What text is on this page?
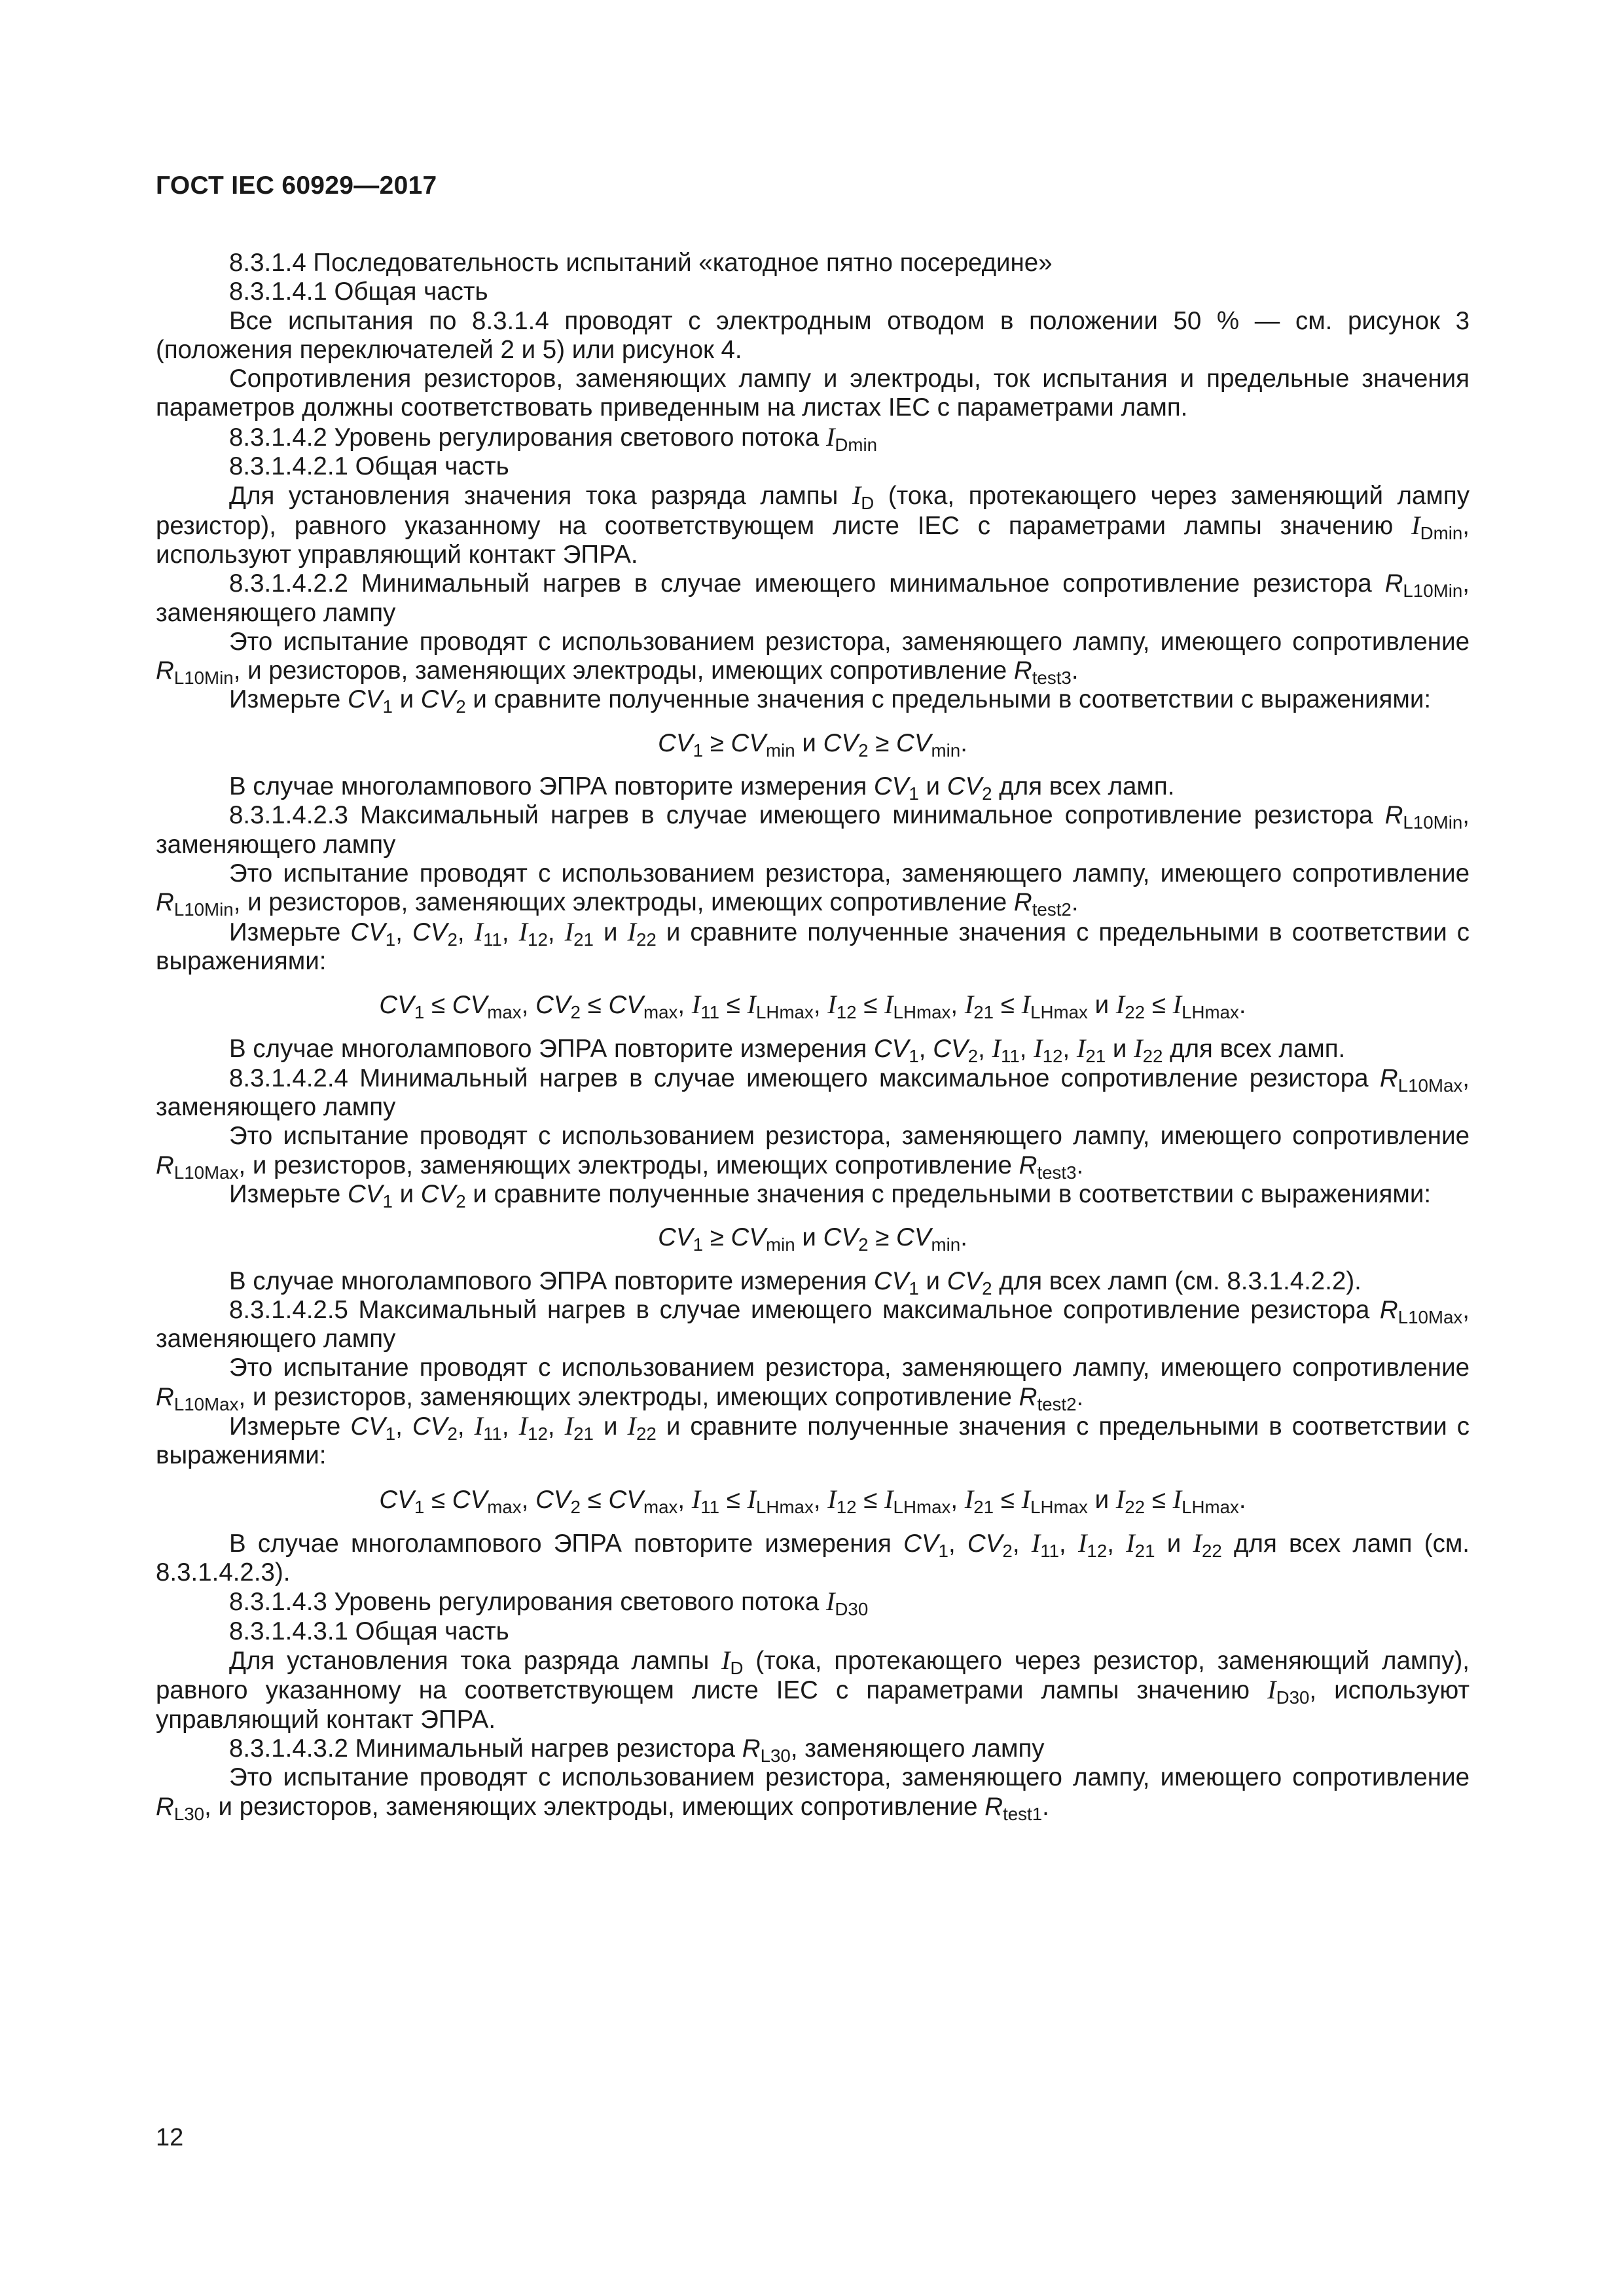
ГОСТ IEC 60929—2017

8.3.1.4 Последовательность испытаний «катодное пятно посередине»

8.3.1.4.1 Общая часть

Все испытания по 8.3.1.4 проводят с электродным отводом в положении 50 % — см. рисунок 3 (положения переключателей 2 и 5) или рисунок 4.

Сопротивления резисторов, заменяющих лампу и электроды, ток испытания и предельные значения параметров должны соответствовать приведенным на листах IEC с параметрами ламп.

8.3.1.4.2 Уровень регулирования светового потока $I_{Dmin}$

8.3.1.4.2.1 Общая часть

Для установления значения тока разряда лампы $I_D$ (тока, протекающего через заменяющий лампу резистор), равного указанному на соответствующем листе IEC с параметрами лампы значению $I_{Dmin}$, используют управляющий контакт ЭПРА.

8.3.1.4.2.2 Минимальный нагрев в случае имеющего минимальное сопротивление резистора $R_{L10Min}$, заменяющего лампу

Это испытание проводят с использованием резистора, заменяющего лампу, имеющего сопротивление $R_{L10Min}$, и резисторов, заменяющих электроды, имеющих сопротивление $R_{test3}$.

Измерьте $CV_1$ и $CV_2$ и сравните полученные значения с предельными в соответствии с выражениями:

$CV_1 \ge CV_{min}$ и $CV_2 \ge CV_{min}$.

В случае многолампового ЭПРА повторите измерения $CV_1$ и $CV_2$ для всех ламп.

8.3.1.4.2.3 Максимальный нагрев в случае имеющего минимальное сопротивление резистора $R_{L10Min}$, заменяющего лампу

Это испытание проводят с использованием резистора, заменяющего лампу, имеющего сопротивление $R_{L10Min}$, и резисторов, заменяющих электроды, имеющих сопротивление $R_{test2}$.

Измерьте $CV_1$, $CV_2$, $I_{11}$, $I_{12}$, $I_{21}$ и $I_{22}$ и сравните полученные значения с предельными в соответствии с выражениями:

$CV_1 \le CV_{max}$, $CV_2 \le CV_{max}$, $I_{11} \le I_{LHmax}$, $I_{12} \le I_{LHmax}$, $I_{21} \le I_{LHmax}$ и $I_{22} \le I_{LHmax}$.

В случае многолампового ЭПРА повторите измерения $CV_1$, $CV_2$, $I_{11}$, $I_{12}$, $I_{21}$ и $I_{22}$ для всех ламп.

8.3.1.4.2.4 Минимальный нагрев в случае имеющего максимальное сопротивление резистора $R_{L10Max}$, заменяющего лампу

Это испытание проводят с использованием резистора, заменяющего лампу, имеющего сопротивление $R_{L10Max}$, и резисторов, заменяющих электроды, имеющих сопротивление $R_{test3}$.

Измерьте $CV_1$ и $CV_2$ и сравните полученные значения с предельными в соответствии с выражениями:

$CV_1 \ge CV_{min}$ и $CV_2 \ge CV_{min}$.

В случае многолампового ЭПРА повторите измерения $CV_1$ и $CV_2$ для всех ламп (см. 8.3.1.4.2.2).

8.3.1.4.2.5 Максимальный нагрев в случае имеющего максимальное сопротивление резистора $R_{L10Max}$, заменяющего лампу

Это испытание проводят с использованием резистора, заменяющего лампу, имеющего сопротивление $R_{L10Max}$, и резисторов, заменяющих электроды, имеющих сопротивление $R_{test2}$.

Измерьте $CV_1$, $CV_2$, $I_{11}$, $I_{12}$, $I_{21}$ и $I_{22}$ и сравните полученные значения с предельными в соответствии с выражениями:

$CV_1 \le CV_{max}$, $CV_2 \le CV_{max}$, $I_{11} \le I_{LHmax}$, $I_{12} \le I_{LHmax}$, $I_{21} \le I_{LHmax}$ и $I_{22} \le I_{LHmax}$.

В случае многолампового ЭПРА повторите измерения $CV_1$, $CV_2$, $I_{11}$, $I_{12}$, $I_{21}$ и $I_{22}$ для всех ламп (см. 8.3.1.4.2.3).

8.3.1.4.3 Уровень регулирования светового потока $I_{D30}$

8.3.1.4.3.1 Общая часть

Для установления тока разряда лампы $I_D$ (тока, протекающего через резистор, заменяющий лампу), равного указанному на соответствующем листе IEC с параметрами лампы значению $I_{D30}$, используют управляющий контакт ЭПРА.

8.3.1.4.3.2 Минимальный нагрев резистора $R_{L30}$, заменяющего лампу

Это испытание проводят с использованием резистора, заменяющего лампу, имеющего сопротивление $R_{L30}$, и резисторов, заменяющих электроды, имеющих сопротивление $R_{test1}$.

12
